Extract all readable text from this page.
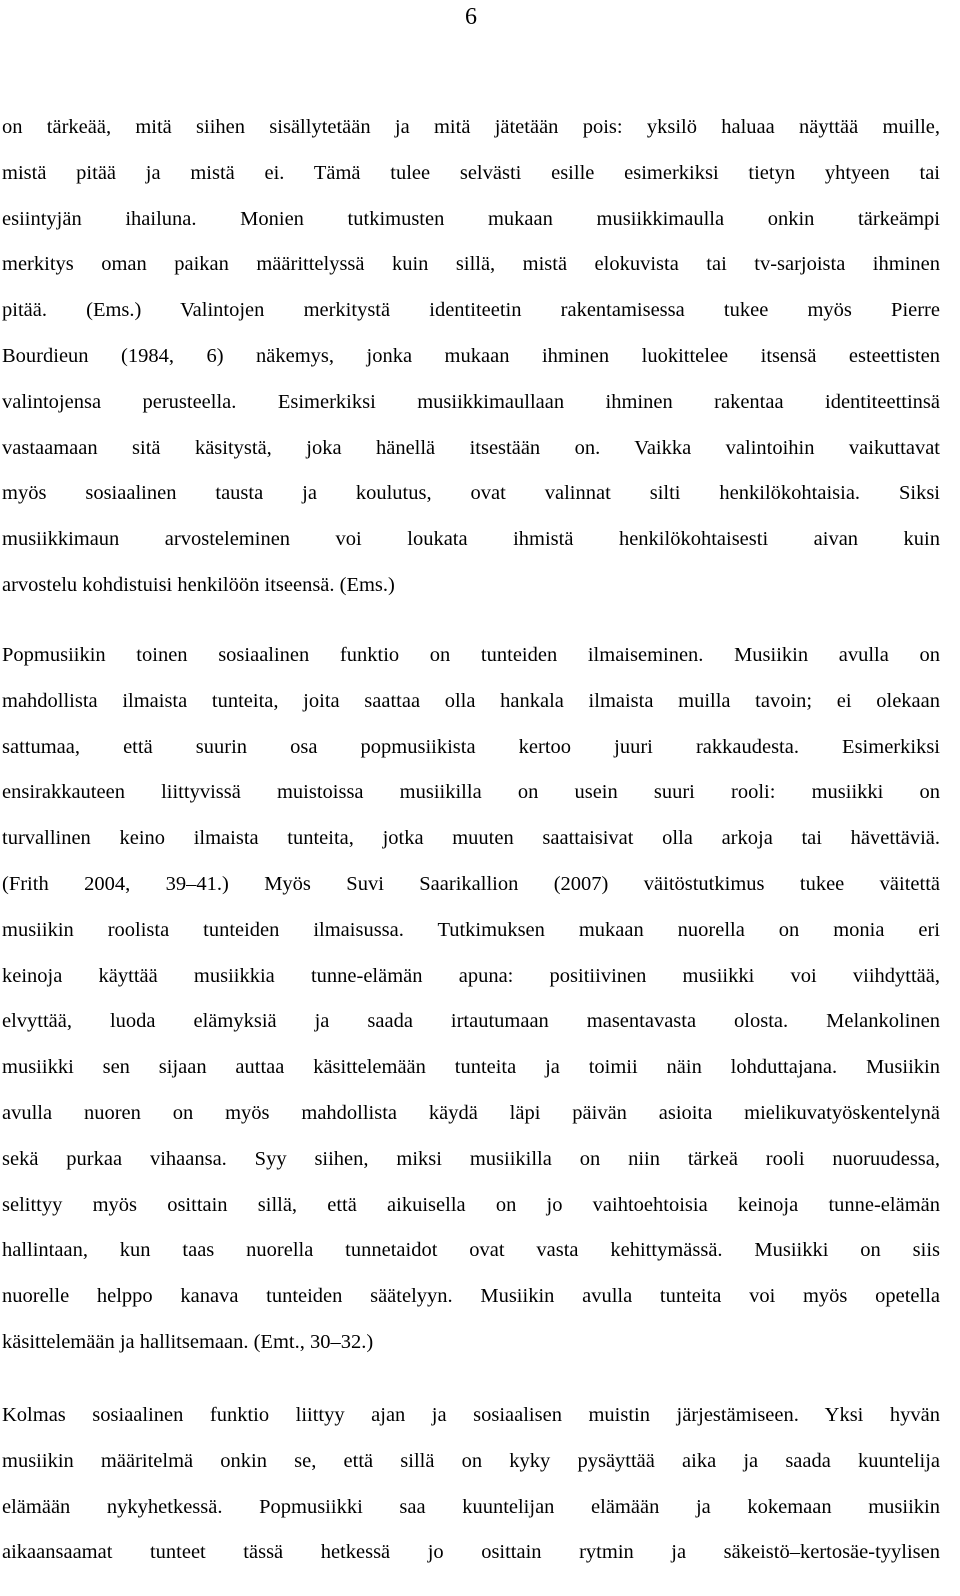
6
on tärkeää, mitä siihen sisällytetään ja mitä jätetään pois: yksilö haluaa näyttää muille,
mistä pitää ja mistä ei. Tämä tulee selvästi esille esimerkiksi tietyn yhtyeen tai
esiintyjän ihailuna. Monien tutkimusten mukaan musiikkimaulla onkin tärkeämpi
merkitys oman paikan määrittelyssä kuin sillä, mistä elokuvista tai tv-sarjoista ihminen
pitää. (Ems.) Valintojen merkitystä identiteetin rakentamisessa tukee myös Pierre
Bourdieun (1984, 6) näkemys, jonka mukaan ihminen luokittelee itsensä esteettisten
valintojensa perusteella. Esimerkiksi musiikkimaullaan ihminen rakentaa identiteettinsä
vastaamaan sitä käsitystä, joka hänellä itsestään on. Vaikka valintoihin vaikuttavat
myös sosiaalinen tausta ja koulutus, ovat valinnat silti henkilökohtaisia. Siksi
musiikkimaun arvosteleminen voi loukata ihmistä henkilökohtaisesti aivan kuin
arvostelu kohdistuisi henkilöön itseensä. (Ems.)
Popmusiikin toinen sosiaalinen funktio on tunteiden ilmaiseminen. Musiikin avulla on
mahdollista ilmaista tunteita, joita saattaa olla hankala ilmaista muilla tavoin; ei olekaan
sattumaa, että suurin osa popmusiikista kertoo juuri rakkaudesta. Esimerkiksi
ensirakkauteen liittyvissä muistoissa musiikilla on usein suuri rooli: musiikki on
turvallinen keino ilmaista tunteita, jotka muuten saattaisivat olla arkoja tai hävettäviä.
(Frith 2004, 39–41.) Myös Suvi Saarikallion (2007) väitöstutkimus tukee väitettä
musiikin roolista tunteiden ilmaisussa. Tutkimuksen mukaan nuorella on monia eri
keinoja käyttää musiikkia tunne-elämän apuna: positiivinen musiikki voi viihdyttää,
elvyttää, luoda elämyksiä ja saada irtautumaan masentavasta olosta. Melankolinen
musiikki sen sijaan auttaa käsittelemään tunteita ja toimii näin lohduttajana. Musiikin
avulla nuoren on myös mahdollista käydä läpi päivän asioita mielikuvatyöskentelynä
sekä purkaa vihaansa. Syy siihen, miksi musiikilla on niin tärkeä rooli nuoruudessa,
selittyy myös osittain sillä, että aikuisella on jo vaihtoehtoisia keinoja tunne-elämän
hallintaan, kun taas nuorella tunnetaidot ovat vasta kehittymässä. Musiikki on siis
nuorelle helppo kanava tunteiden säätelyyn. Musiikin avulla tunteita voi myös opetella
käsittelemään ja hallitsemaan. (Emt., 30–32.)
Kolmas sosiaalinen funktio liittyy ajan ja sosiaalisen muistin järjestämiseen. Yksi hyvän
musiikin määritelmä onkin se, että sillä on kyky pysäyttää aika ja saada kuuntelija
elämään nykyhetkessä. Popmusiikki saa kuuntelijan elämään ja kokemaan musiikin
aikaansaamat tunteet tässä hetkessä jo osittain rytmin ja säkeistö–kertosäe-tyylisen
